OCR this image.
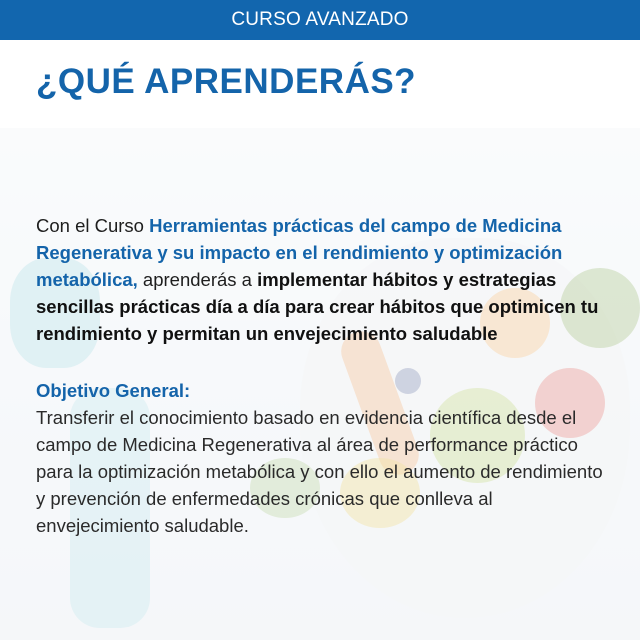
CURSO AVANZADO
¿QUÉ APRENDERÁS?

Con el Curso Herramientas prácticas del campo de Medicina Regenerativa y su impacto en el rendimiento y optimización metabólica, aprenderás a implementar hábitos y estrategias sencillas prácticas día a día para crear hábitos que optimicen tu rendimiento y permitan un envejecimiento saludable

Objetivo General:

Transferir el conocimiento basado en evidencia científica desde el campo de Medicina Regenerativa al área de performance práctico para la optimización metabólica y con ello el aumento de rendimiento y prevención de enfermedades crónicas que conlleva al envejecimiento saludable.
